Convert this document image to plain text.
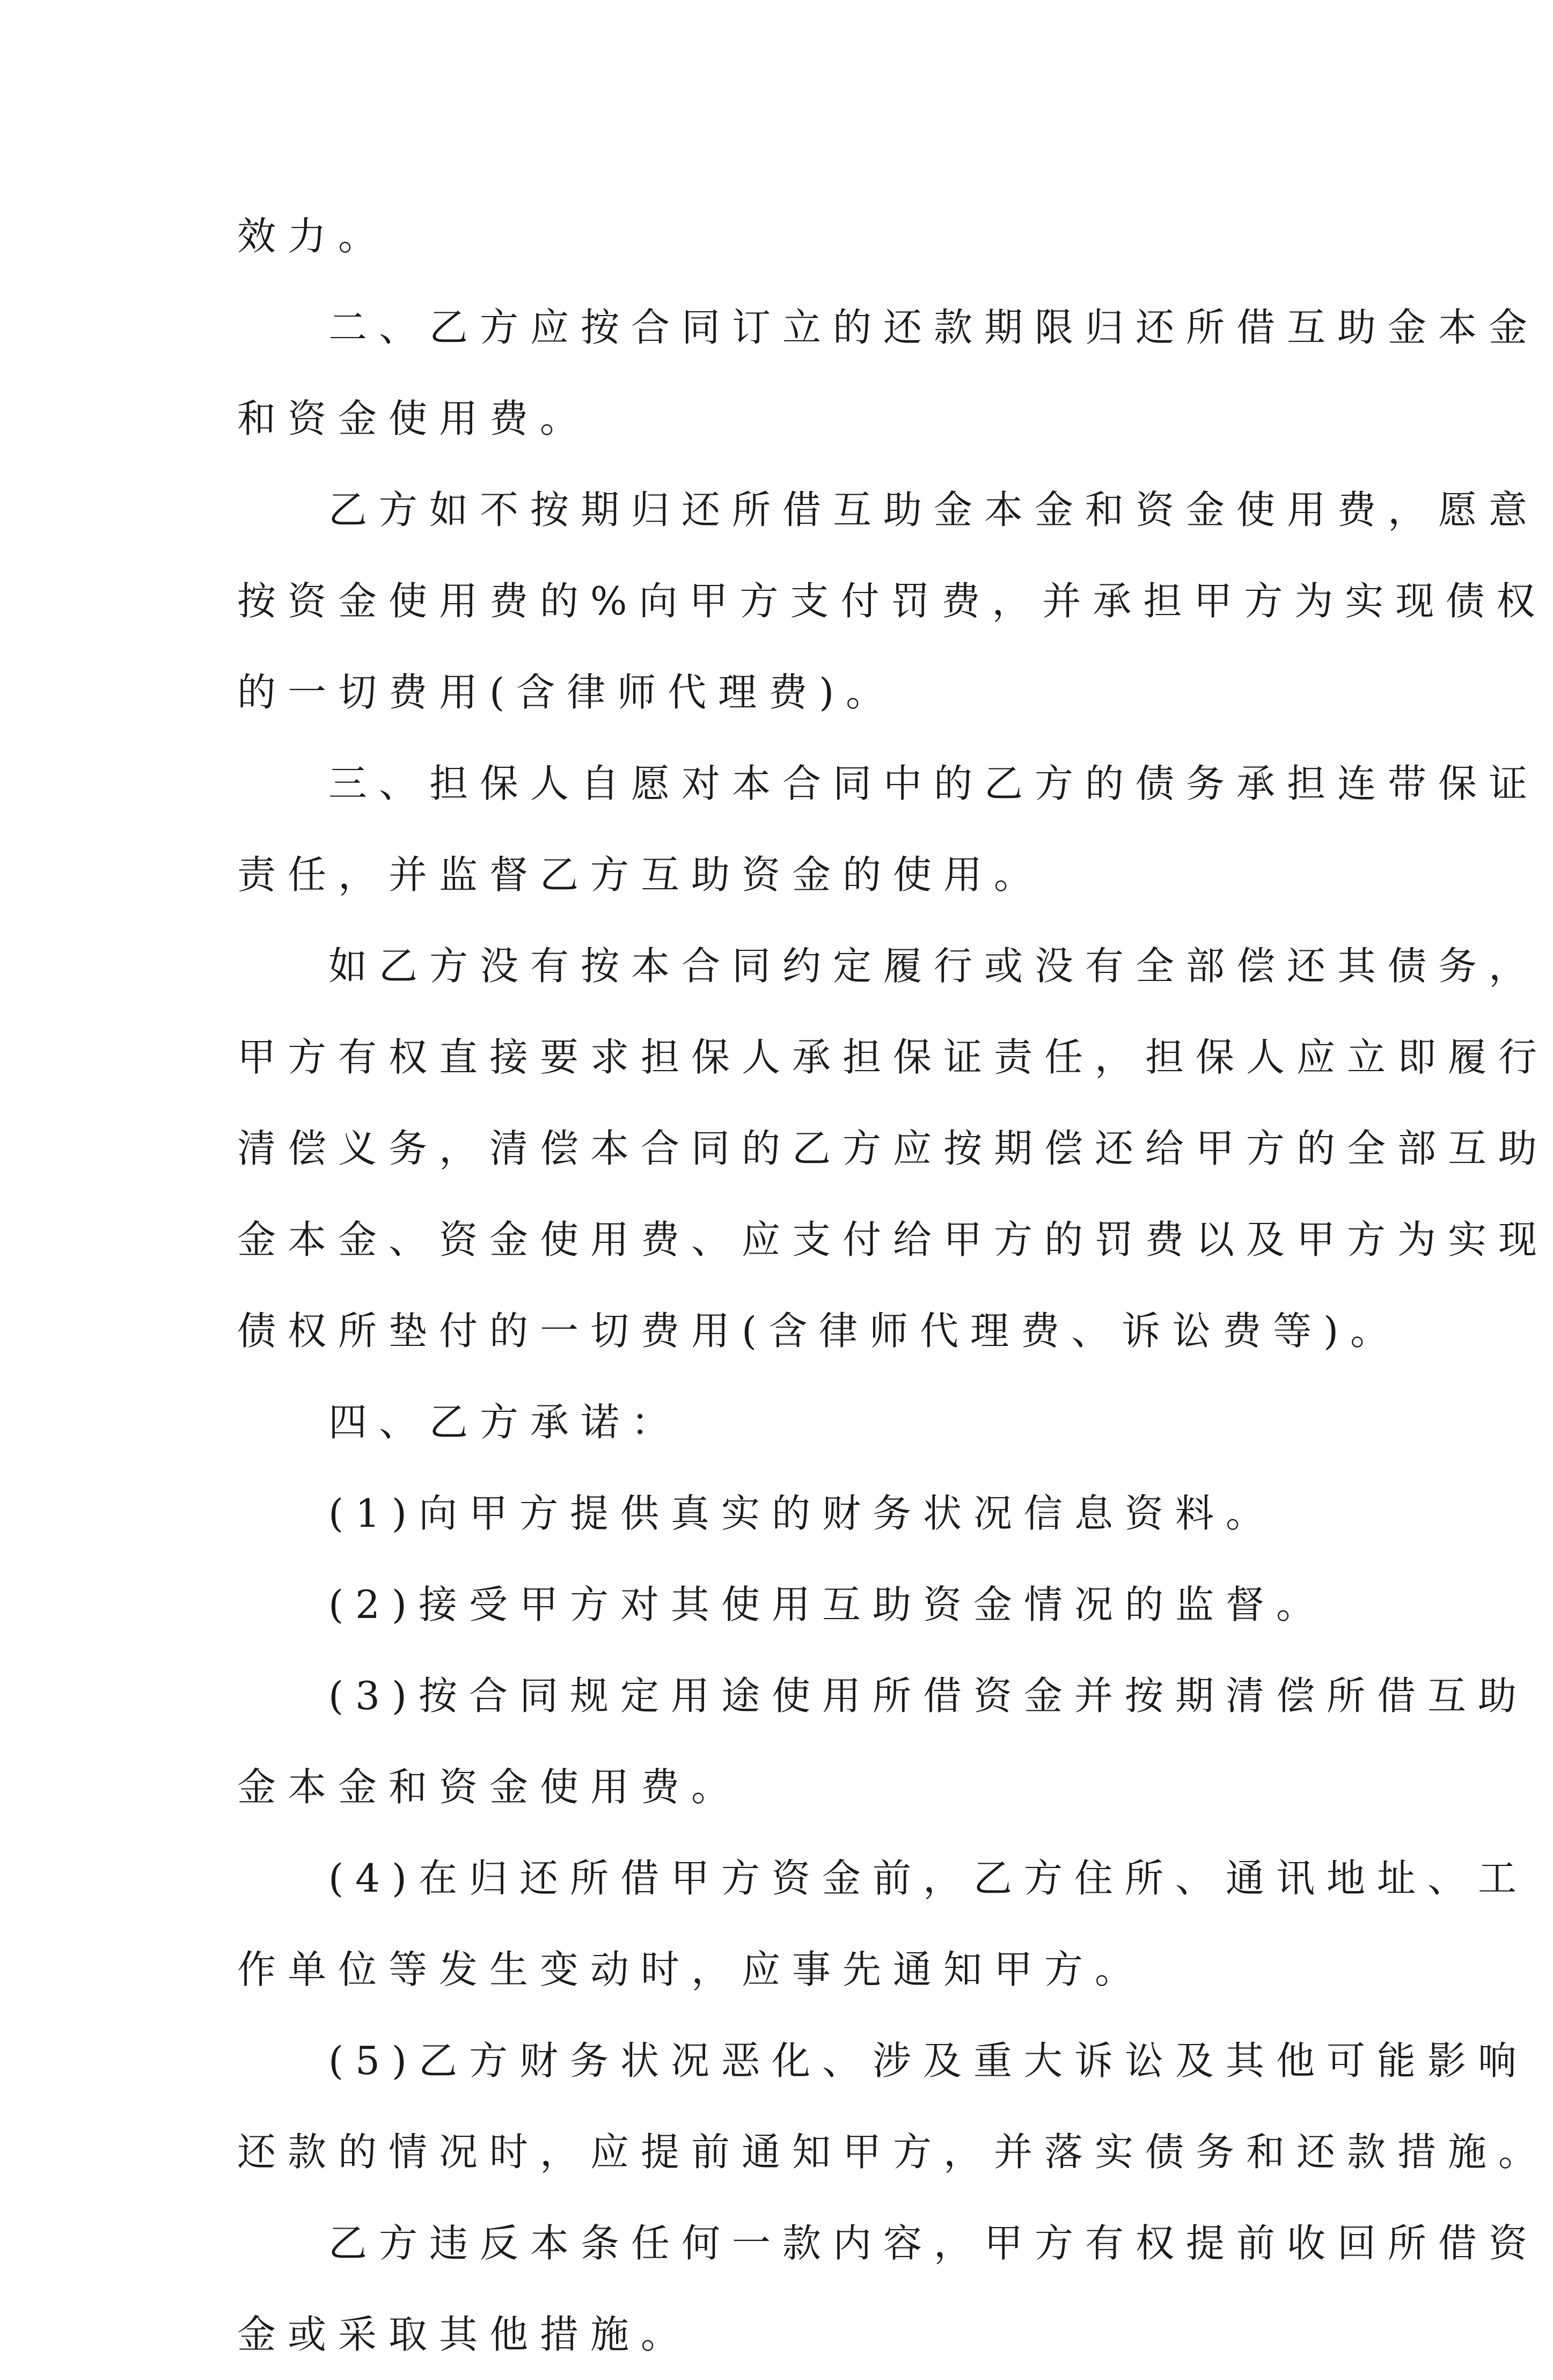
效力。
二、乙方应按合同订立的还款期限归还所借互助金本金
和资金使用费。
乙方如不按期归还所借互助金本金和资金使用费，愿意
按资金使用费的%向甲方支付罚费，并承担甲方为实现债权
的一切费用(含律师代理费)。
三、担保人自愿对本合同中的乙方的债务承担连带保证
责任，并监督乙方互助资金的使用。
如乙方没有按本合同约定履行或没有全部偿还其债务，
甲方有权直接要求担保人承担保证责任，担保人应立即履行
清偿义务，清偿本合同的乙方应按期偿还给甲方的全部互助
金本金、资金使用费、应支付给甲方的罚费以及甲方为实现
债权所垫付的一切费用(含律师代理费、诉讼费等)。
四、乙方承诺：
(1)向甲方提供真实的财务状况信息资料。
(2)接受甲方对其使用互助资金情况的监督。
(3)按合同规定用途使用所借资金并按期清偿所借互助
金本金和资金使用费。
(4)在归还所借甲方资金前，乙方住所、通讯地址、工
作单位等发生变动时，应事先通知甲方。
(5)乙方财务状况恶化、涉及重大诉讼及其他可能影响
还款的情况时，应提前通知甲方，并落实债务和还款措施。
乙方违反本条任何一款内容，甲方有权提前收回所借资
金或采取其他措施。
